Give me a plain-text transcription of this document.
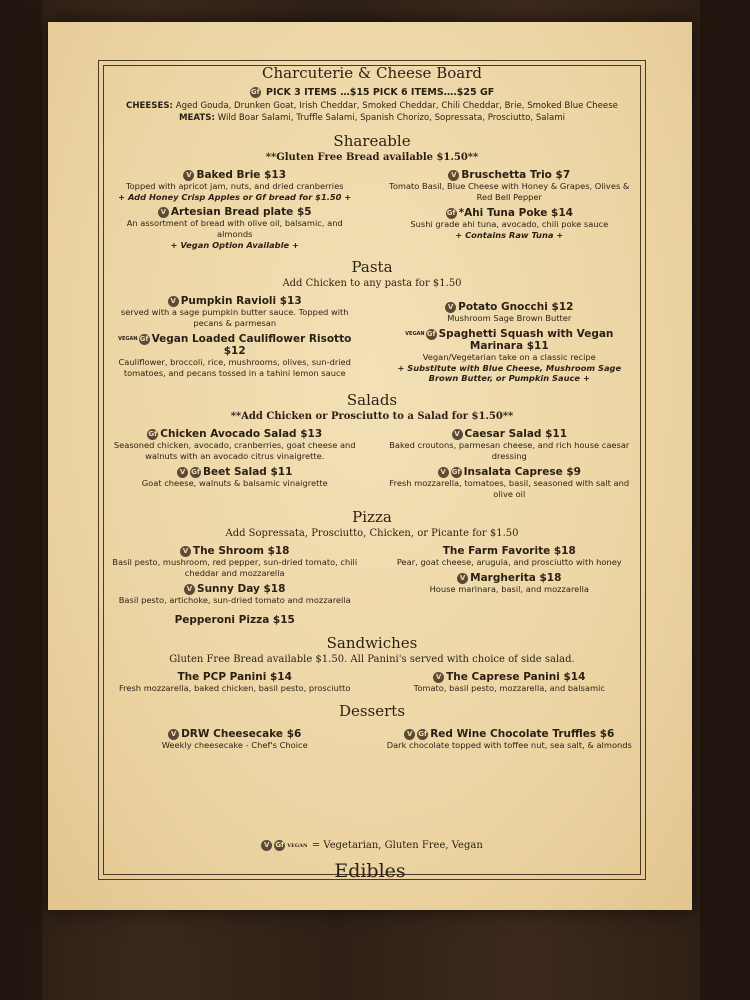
Charcuterie & Cheese Board

Gf PICK 3 ITEMS …$15 PICK 6 ITEMS….$25 GF
CHEESES: Aged Gouda, Drunken Goat, Irish Cheddar, Smoked Cheddar, Chili Cheddar, Brie, Smoked Blue Cheese MEATS: Wild Boar Salami, Truffle Salami, Spanish Chorizo, Sopressata, Prosciutto, Salami

Shareable

**Gluten Free Bread available $1.50**

V Baked Brie $13
Topped with apricot jam, nuts, and dried cranberries
+ Add Honey Crisp Apples or Gf bread for $1.50 +
V Artesian Bread plate $5
An assortment of bread with olive oil, balsamic, and almonds
+ Vegan Option Available +
V Bruschetta Trio $7
Tomato Basil, Blue Cheese with Honey & Grapes, Olives & Red Bell Pepper
Gf *Ahi Tuna Poke $14
Sushi grade ahi tuna, avocado, chili poke sauce
+ Contains Raw Tuna +

Pasta

Add Chicken to any pasta for $1.50

V Pumpkin Ravioli $13
served with a sage pumpkin butter sauce. Topped with pecans & parmesan
VEGAN Gf Vegan Loaded Cauliflower Risotto $12
Cauliflower, broccoli, rice, mushrooms, olives, sun-dried tomatoes, and pecans tossed in a tahini lemon sauce
V Potato Gnocchi $12
Mushroom Sage Brown Butter
VEGAN Gf Spaghetti Squash with Vegan Marinara $11
Vegan/Vegetarian take on a classic recipe
+ Substitute with Blue Cheese, Mushroom Sage Brown Butter, or Pumpkin Sauce +

Salads

**Add Chicken or Prosciutto to a Salad for $1.50**

Gf Chicken Avocado Salad $13
Seasoned chicken, avocado, cranberries, goat cheese and walnuts with an avocado citrus vinaigrette.
V Gf Beet Salad $11
Goat cheese, walnuts & balsamic vinaigrette
V Caesar Salad $11
Baked croutons, parmesan cheese, and rich house caesar dressing
V Gf Insalata Caprese $9
Fresh mozzarella, tomatoes, basil, seasoned with salt and olive oil

Pizza

Add Sopressata, Prosciutto, Chicken, or Picante for $1.50

V The Shroom $18
Basil pesto, mushroom, red pepper, sun-dried tomato, chili cheddar and mozzarella
V Sunny Day $18
Basil pesto, artichoke, sun-dried tomato and mozzarella
Pepperoni Pizza $15
The Farm Favorite $18
Pear, goat cheese, arugula, and prosciutto with honey
V Margherita $18
House marinara, basil, and mozzarella

Sandwiches

Gluten Free Bread available $1.50. All Panini's served with choice of side salad.

The PCP Panini $14
Fresh mozzarella, baked chicken, basil pesto, prosciutto
V The Caprese Panini $14
Tomato, basil pesto, mozzarella, and balsamic

Desserts

V DRW Cheesecake $6
Weekly cheesecake - Chef's Choice
V Gf Red Wine Chocolate Truffles $6
Dark chocolate topped with toffee nut, sea salt, & almonds
V Gf VEGAN = Vegetarian, Gluten Free, Vegan
Edibles
